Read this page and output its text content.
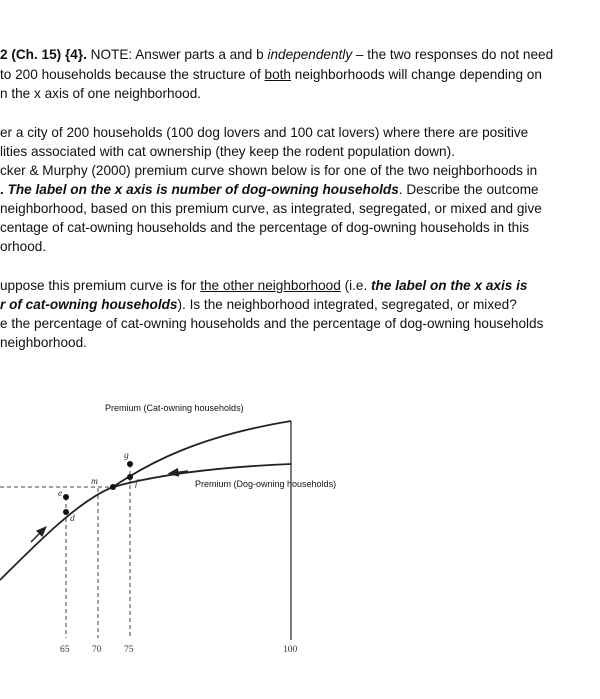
2 (Ch. 15) {4}. NOTE: Answer parts a and b independently – the two responses do not need
to 200 households because the structure of both neighborhoods will change depending on
n the x axis of one neighborhood.
er a city of 200 households (100 dog lovers and 100 cat lovers) where there are positive
lities associated with cat ownership (they keep the rodent population down).
cker & Murphy (2000) premium curve shown below is for one of the two neighborhoods in
. The label on the x axis is number of dog-owning households. Describe the outcome
neighborhood, based on this premium curve, as integrated, segregated, or mixed and give
centage of cat-owning households and the percentage of dog-owning households in this
orhood.
uppose this premium curve is for the other neighborhood (i.e. the label on the x axis is
r of cat-owning households). Is the neighborhood integrated, segregated, or mixed?
e the percentage of cat-owning households and the percentage of dog-owning households
neighborhood.
e
d
m
g
f
Premium (Cat-owning households)
Premium (Dog-owning households)
65 70 75	100
